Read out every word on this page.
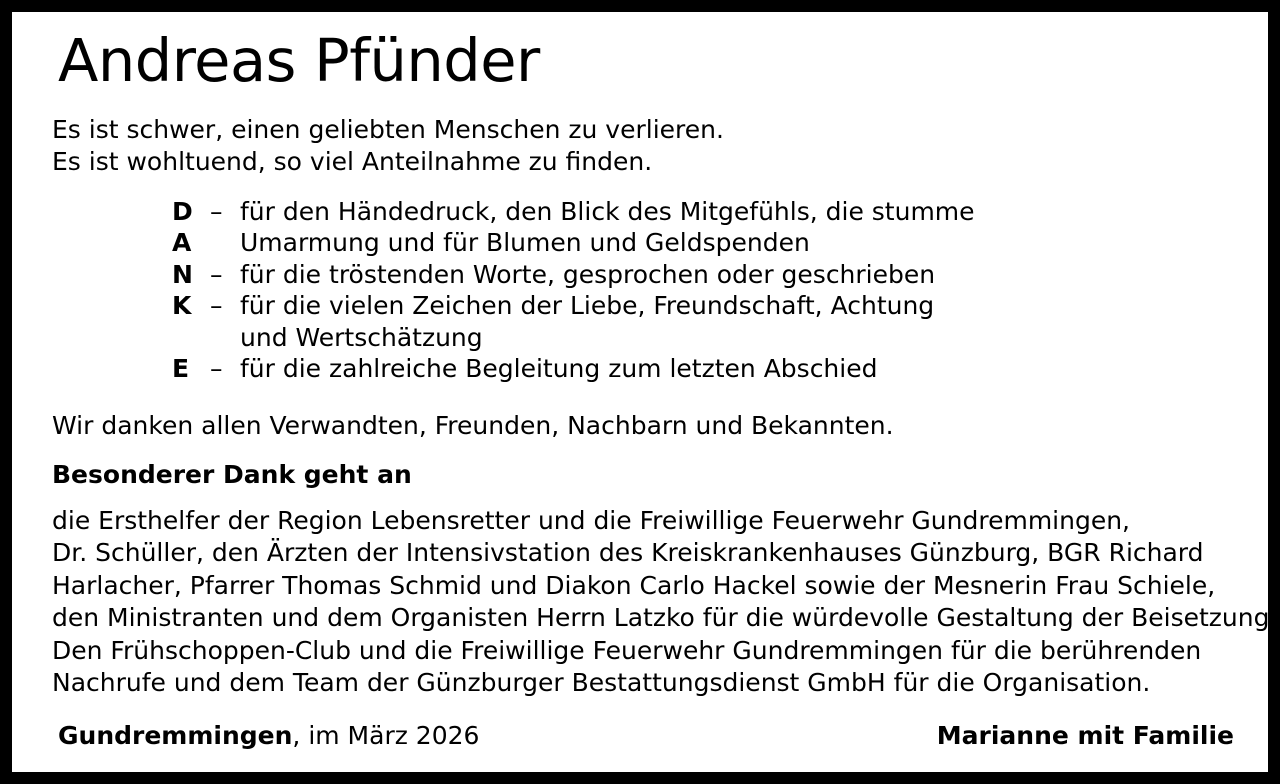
Andreas Pfünder
Es ist schwer, einen geliebten Menschen zu verlieren.
Es ist wohltuend, so viel Anteilnahme zu finden.
D – für den Händedruck, den Blick des Mitgefühls, die stumme
A	Umarmung und für Blumen und Geldspenden
N – für die tröstenden Worte, gesprochen oder geschrieben
K – für die vielen Zeichen der Liebe, Freundschaft, Achtung
und Wertschätzung
E – für die zahlreiche Begleitung zum letzten Abschied
Wir danken allen Verwandten, Freunden, Nachbarn und Bekannten.
Besonderer Dank geht an
die Ersthelfer der Region Lebensretter und die Freiwillige Feuerwehr Gundremmingen,
Dr. Schüller, den Ärzten der Intensivstation des Kreiskrankenhauses Günzburg, BGR Richard
Harlacher, Pfarrer Thomas Schmid und Diakon Carlo Hackel sowie der Mesnerin Frau Schiele,
den Ministranten und dem Organisten Herrn Latzko für die würdevolle Gestaltung der Beisetzung.
Den Frühschoppen-Club und die Freiwillige Feuerwehr Gundremmingen für die berührenden
Nachrufe und dem Team der Günzburger Bestattungsdienst GmbH für die Organisation.
Gundremmingen, im März 2026	Marianne mit Familie
